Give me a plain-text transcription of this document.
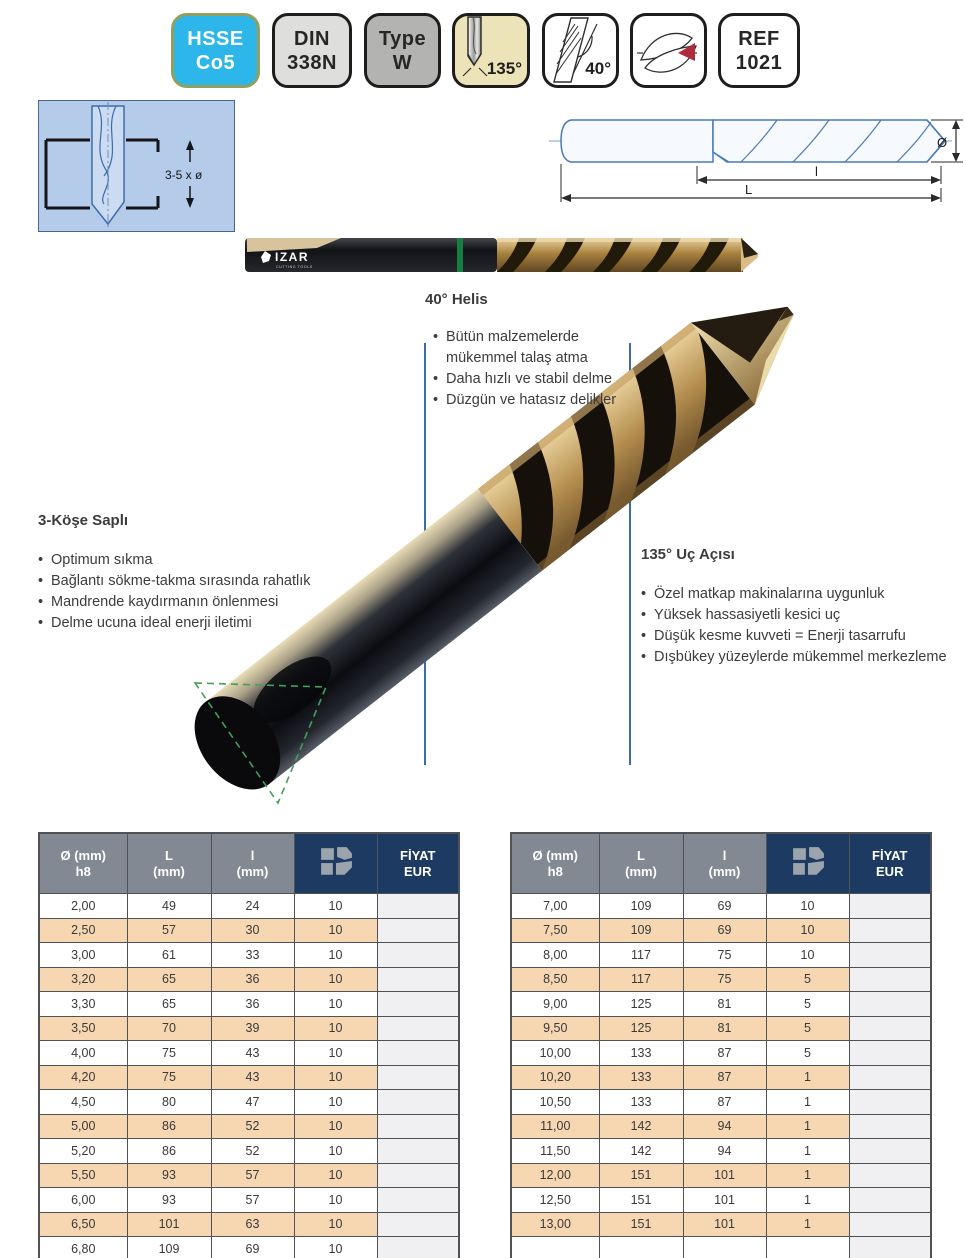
HSSE
Co5
DIN
338N
Type
W	135°	40°
REF
1021
3-5 x ø
Ø
l
L
IZAR
CUTTING TOOLS
40° Helis
• Bütün malzemelerde mükemmel talaş atma
• Daha hızlı ve stabil delme
• Düzgün ve hatasız delikler
3-Köşe Saplı
• Optimum sıkma
• Bağlantı sökme-takma sırasında rahatlık
• Mandrende kaydırmanın önlenmesi
• Delme ucuna ideal enerji iletimi
135° Uç Açısı
• Özel matkap makinalarına uygunluk
• Yüksek hassasiyetli kesici uç
• Düşük kesme kuvveti = Enerji tasarrufu
• Dışbükey yüzeylerde mükemmel merkezleme
Ø (mm)
h8

L
(mm)

l
(mm)

FİYAT
EUR

2,00	49	24	10	
2,50	57	30	10	
3,00	61	33	10	
3,20	65	36	10	
3,30	65	36	10	
3,50	70	39	10	
4,00	75	43	10	
4,20	75	43	10	
4,50	80	47	10	
5,00	86	52	10	
5,20	86	52	10	
5,50	93	57	10	
6,00	93	57	10	
6,50	101	63	10	
6,80	109	69	10	
Ø (mm)
h8

L
(mm)

l
(mm)

FİYAT
EUR

7,00	109	69	10	
7,50	109	69	10	
8,00	117	75	10	
8,50	117	75	5	
9,00	125	81	5	
9,50	125	81	5	
10,00	133	87	5	
10,20	133	87	1	
10,50	133	87	1	
11,00	142	94	1	
11,50	142	94	1	
12,00	151	101	1	
12,50	151	101	1	
13,00	151	101	1	
